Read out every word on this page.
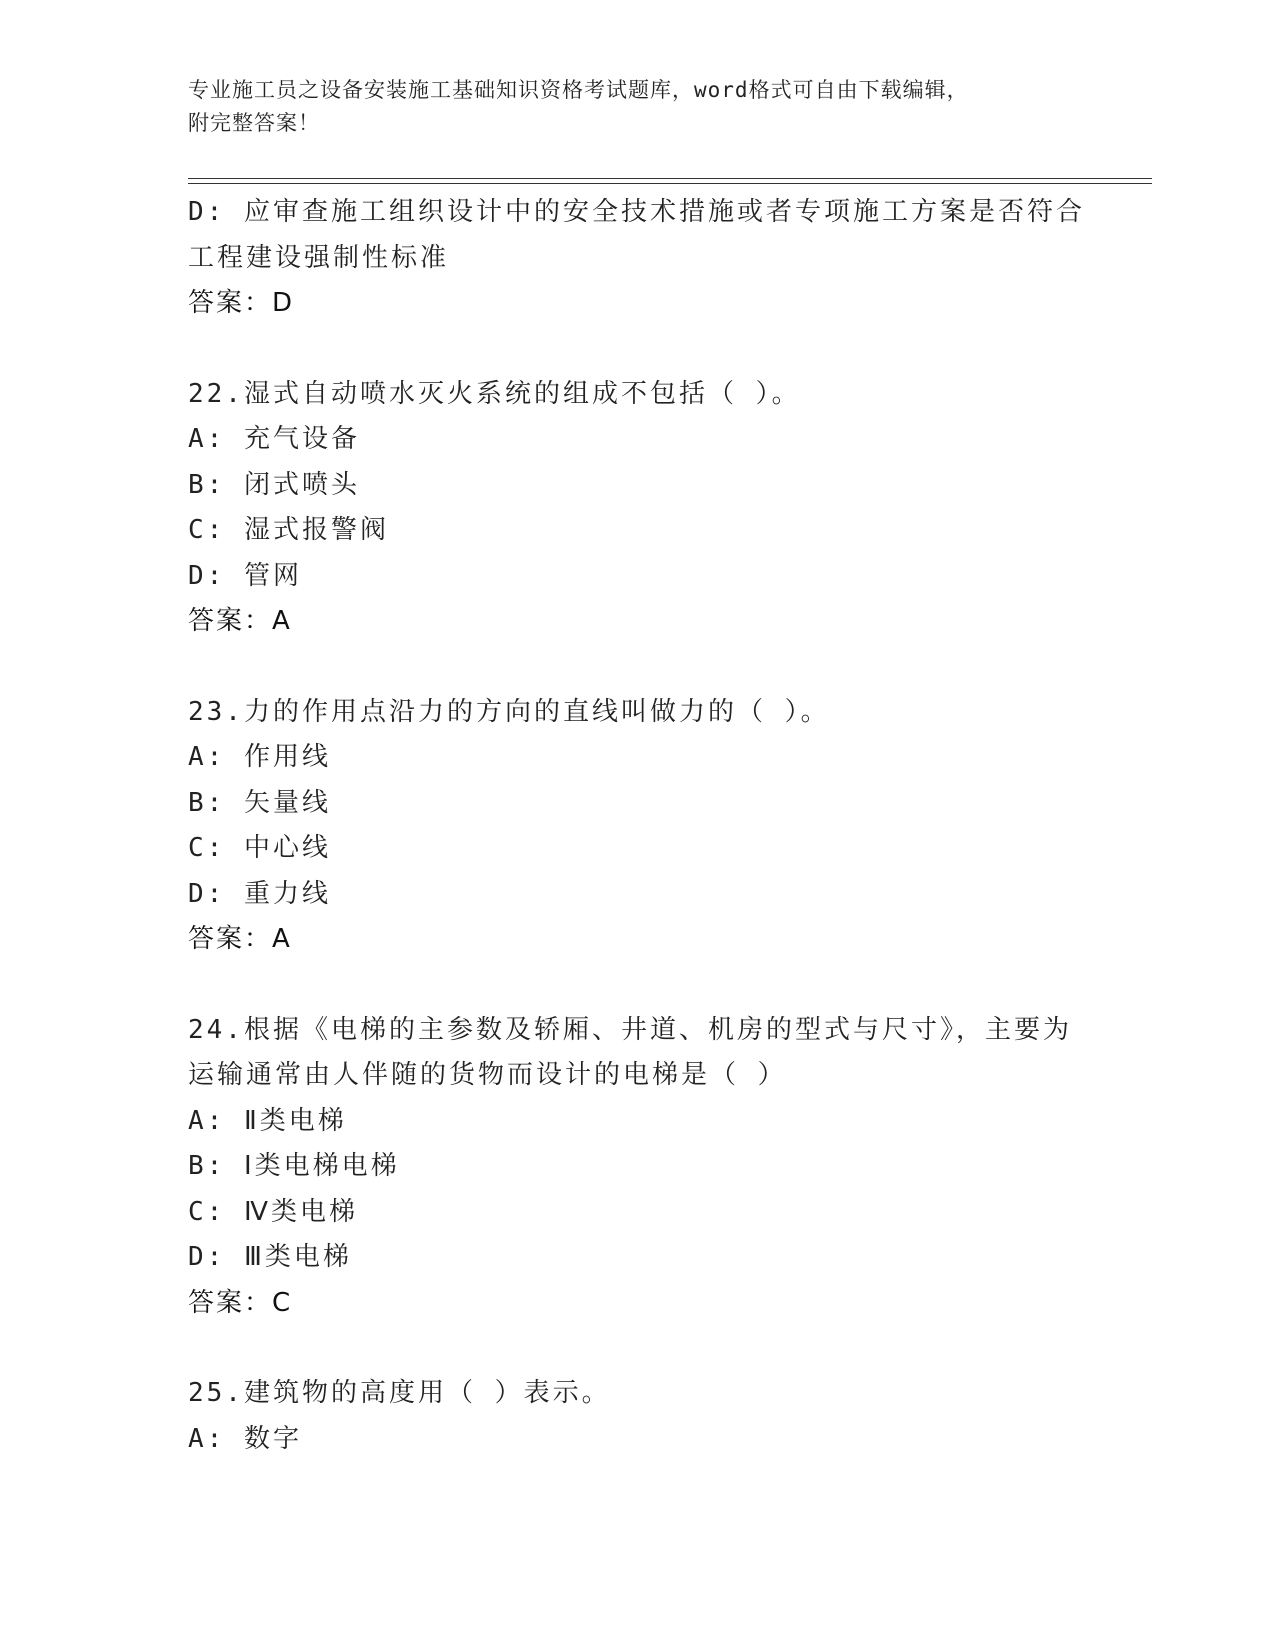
专业施工员之设备安装施工基础知识资格考试题库，word格式可自由下载编辑，
附完整答案！
D: 应审查施工组织设计中的安全技术措施或者专项施工方案是否符合
工程建设强制性标准
答案：D
22.湿式自动喷水灭火系统的组成不包括（ ）。
A: 充气设备
B: 闭式喷头
C: 湿式报警阀
D: 管网
答案：A
23.力的作用点沿力的方向的直线叫做力的（ ）。
A: 作用线
B: 矢量线
C: 中心线
D: 重力线
答案：A
24.根据《电梯的主参数及轿厢、井道、机房的型式与尺寸》，主要为
运输通常由人伴随的货物而设计的电梯是（ ）
A: Ⅱ类电梯
B: Ⅰ类电梯电梯
C: Ⅳ类电梯
D: Ⅲ类电梯
答案：C
25.建筑物的高度用（ ）表示。
A: 数字
